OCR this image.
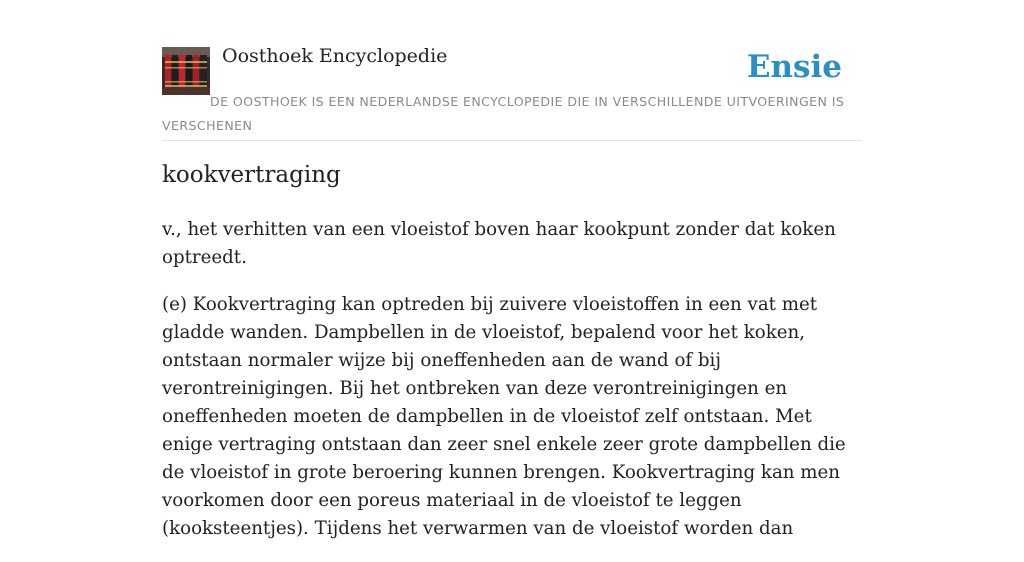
Oosthoek Encyclopedie	Ensie
DE OOSTHOEK IS EEN NEDERLANDSE ENCYCLOPEDIE DIE IN VERSCHILLENDE UITVOERINGEN IS VERSCHENEN
kookvertraging

v., het verhitten van een vloeistof boven haar kookpunt zonder dat koken optreedt.

(e) Kookvertraging kan optreden bij zuivere vloeistoffen in een vat met gladde wanden. Dampbellen in de vloeistof, bepalend voor het koken, ontstaan normaler wijze bij oneffenheden aan de wand of bij verontreinigingen. Bij het ontbreken van deze verontreinigingen en oneffenheden moeten de dampbellen in de vloeistof zelf ontstaan. Met enige vertraging ontstaan dan zeer snel enkele zeer grote dampbellen die de vloeistof in grote beroering kunnen brengen. Kookvertraging kan men voorkomen door een poreus materiaal in de vloeistof te leggen (kooksteentjes). Tijdens het verwarmen van de vloeistof worden dan
